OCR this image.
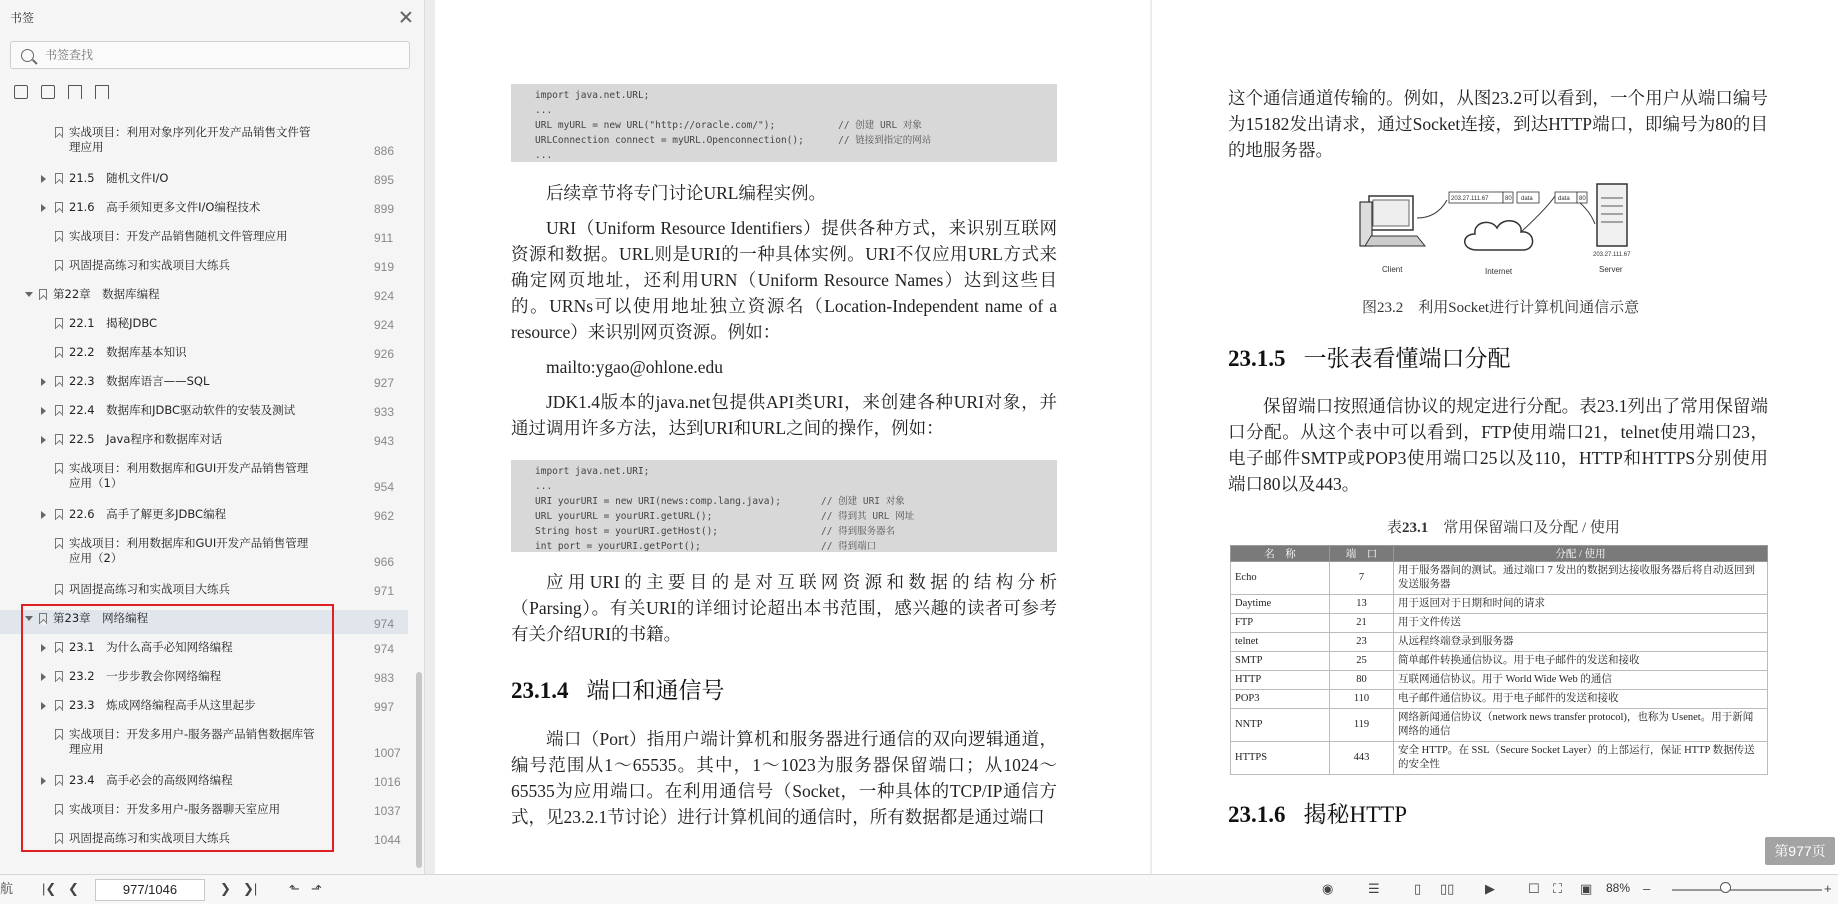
书签
书签查找
实战项目：利用对象序列化开发产品销售文件管理应用	886
21.5　随机文件I/O	895
21.6　高手须知更多文件I/O编程技术	899
实战项目：开发产品销售随机文件管理应用	911
巩固提高练习和实战项目大练兵	919
第22章　数据库编程	924
22.1　揭秘JDBC	924
22.2　数据库基本知识	926
22.3　数据库语言——SQL	927
22.4　数据库和JDBC驱动软件的安装及测试	933
22.5　Java程序和数据库对话	943
实战项目：利用数据库和GUI开发产品销售管理应用（1）	954
22.6　高手了解更多JDBC编程	962
实战项目：利用数据库和GUI开发产品销售管理应用（2）	966
巩固提高练习和实战项目大练兵	971
第23章　网络编程	974
23.1　为什么高手必知网络编程	974
23.2　一步步教会你网络编程	983
23.3　炼成网络编程高手从这里起步	997
实战项目：开发多用户-服务器产品销售数据库管理应用	1007
23.4　高手必会的高级网络编程	1016
实战项目：开发多用户-服务器聊天室应用	1037
巩固提高练习和实战项目大练兵	1044
import java.net.URL;
...
URL myURL = new URL("http://oracle.com/");           // 创建 URL 对象
URLConnection connect = myURL.Openconnection();      // 链接到指定的网站
...
后续章节将专门讨论URL编程实例。
URI（Uniform Resource Identifiers）提供各种方式，来识别互联网资源和数据。URL则是URI的一种具体实例。URI不仅应用URL方式来确定网页地址，还利用URN（Uniform Resource Names）达到这些目的。URNs可以使用地址独立资源名（Location-Independent name of a resource）来识别网页资源。例如：
mailto:ygao@ohlone.edu
JDK1.4版本的java.net包提供API类URI，来创建各种URI对象，并通过调用许多方法，达到URI和URL之间的操作，例如：
import java.net.URI;
...
URI yourURI = new URI(news:comp.lang.java);       // 创建 URI 对象
URL yourURL = yourURI.getURL();                   // 得到其 URL 网址
String host = yourURI.getHost();                  // 得到服务器名
int port = yourURI.getPort();                     // 得到端口
应用URI的主要目的是对互联网资源和数据的结构分析（Parsing）。有关URI的详细讨论超出本书范围，感兴趣的读者可参考有关介绍URI的书籍。
23.1.4 端口和通信号
端口（Port）指用户端计算机和服务器进行通信的双向逻辑通道，编号范围从1～65535。其中，1～1023为服务器保留端口；从1024～65535为应用端口。在利用通信号（Socket，一种具体的TCP/IP通信方式，见23.2.1节讨论）进行计算机间的通信时，所有数据都是通过端口
这个通信通道传输的。例如，从图23.2可以看到，一个用户从端口编号为15182发出请求，通过Socket连接，到达HTTP端口，即编号为80的目的地服务器。
203.27.111.67	80 data	data 80
Client	Internet
203.27.111.67
Server
图23.2　利用Socket进行计算机间通信示意
23.1.5 一张表看懂端口分配
保留端口按照通信协议的规定进行分配。表23.1列出了常用保留端口分配。从这个表中可以看到，FTP使用端口21，telnet使用端口23，电子邮件SMTP或POP3使用端口25以及110，HTTP和HTTPS分别使用端口80以及443。
表23.1　常用保留端口及分配 / 使用
名　称	端　口	分配 / 使用
Echo	7	用于服务器间的测试。通过端口 7 发出的数据到达接收服务器后将自动返回到发送服务器
Daytime	13	用于返回对于日期和时间的请求
FTP	21	用于文件传送
telnet	23	从远程终端登录到服务器
SMTP	25	简单邮件转换通信协议。用于电子邮件的发送和接收
HTTP	80	互联网通信协议。用于 World Wide Web 的通信
POP3	110	电子邮件通信协议。用于电子邮件的发送和接收
NNTP	119	网络新闻通信协议（network news transfer protocol)，也称为 Usenet。用于新闻网络的通信
HTTPS	443	安全 HTTP。在 SSL（Secure Socket Layer）的上部运行，保证 HTTP 数据传送的安全性
23.1.6 揭秘HTTP
第977页
航 |❮ ❮	977/1046	❯ ❯| ⬑ ⬏	◉	☰	▯ ▯▯ ▶	☐ ⛶ ▣ 88% –	+
